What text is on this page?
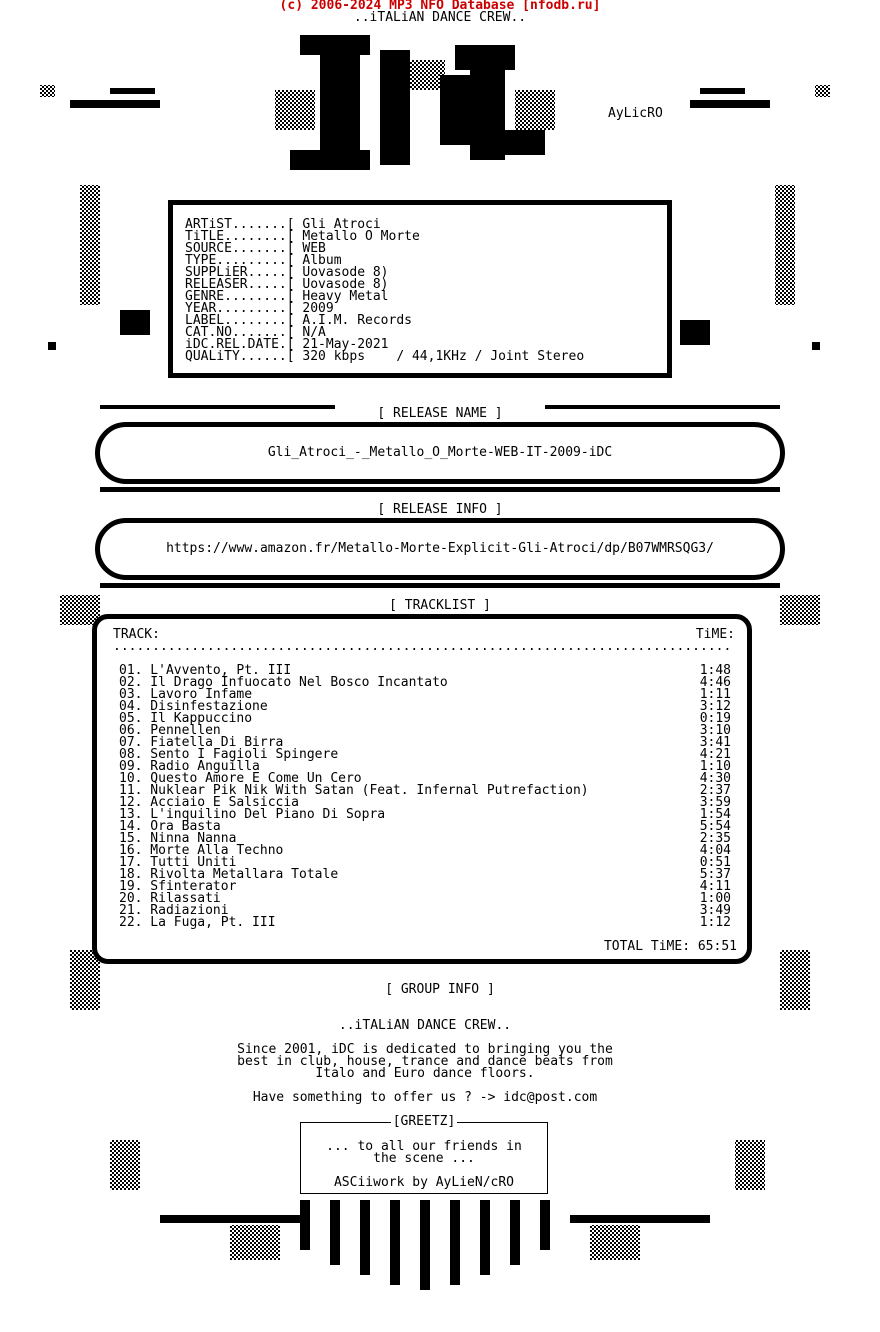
(c) 2006-2024 MP3 NFO Database [nfodb.ru]
..iTALiAN DANCE CREW..
AyLicRO
ARTiST.......[ Gli Atroci
TiTLE........[ Metallo O Morte
SOURCE.......[ WEB
TYPE.........[ Album
SUPPLiER.....[ Uovasode 8)
RELEASER.....[ Uovasode 8)
GENRE........[ Heavy Metal
YEAR.........[ 2009
LABEL........[ A.I.M. Records
CAT.NO.......[ N/A
iDC.REL.DATE.[ 21-May-2021
QUALiTY......[ 320 kbps    / 44,1KHz / Joint Stereo
[ RELEASE NAME ]
Gli_Atroci_-_Metallo_O_Morte-WEB-IT-2009-iDC
[ RELEASE INFO ]
https://www.amazon.fr/Metallo-Morte-Explicit-Gli-Atroci/dp/B07WMRSQG3/
[ TRACKLIST ]
TRACK:	TiME:
...............................................................................
01. L'Avvento, Pt. III	1:48
02. Il Drago Infuocato Nel Bosco Incantato	4:46
03. Lavoro Infame	1:11
04. Disinfestazione	3:12
05. Il Kappuccino	0:19
06. Pennellen	3:10
07. Fiatella Di Birra	3:41
08. Sento I Fagioli Spingere	4:21
09. Radio Anguilla	1:10
10. Questo Amore E Come Un Cero	4:30
11. Nuklear Pik Nik With Satan (Feat. Infernal Putrefaction)	2:37
12. Acciaio E Salsiccia	3:59
13. L'inquilino Del Piano Di Sopra	1:54
14. Ora Basta	5:54
15. Ninna Nanna	2:35
16. Morte Alla Techno	4:04
17. Tutti Uniti	0:51
18. Rivolta Metallara Totale	5:37
19. Sfinterator	4:11
20. Rilassati	1:00
21. Radiazioni	3:49
22. La Fuga, Pt. III	1:12
TOTAL TiME: 65:51
[ GROUP INFO ]
..iTALiAN DANCE CREW..
Since 2001, iDC is dedicated to bringing you the
best in club, house, trance and dance beats from
Italo and Euro dance floors.
Have something to offer us ? -> idc@post.com
[GREETZ]
... to all our friends in
the scene ...
ASCiiwork by AyLieN/cRO
